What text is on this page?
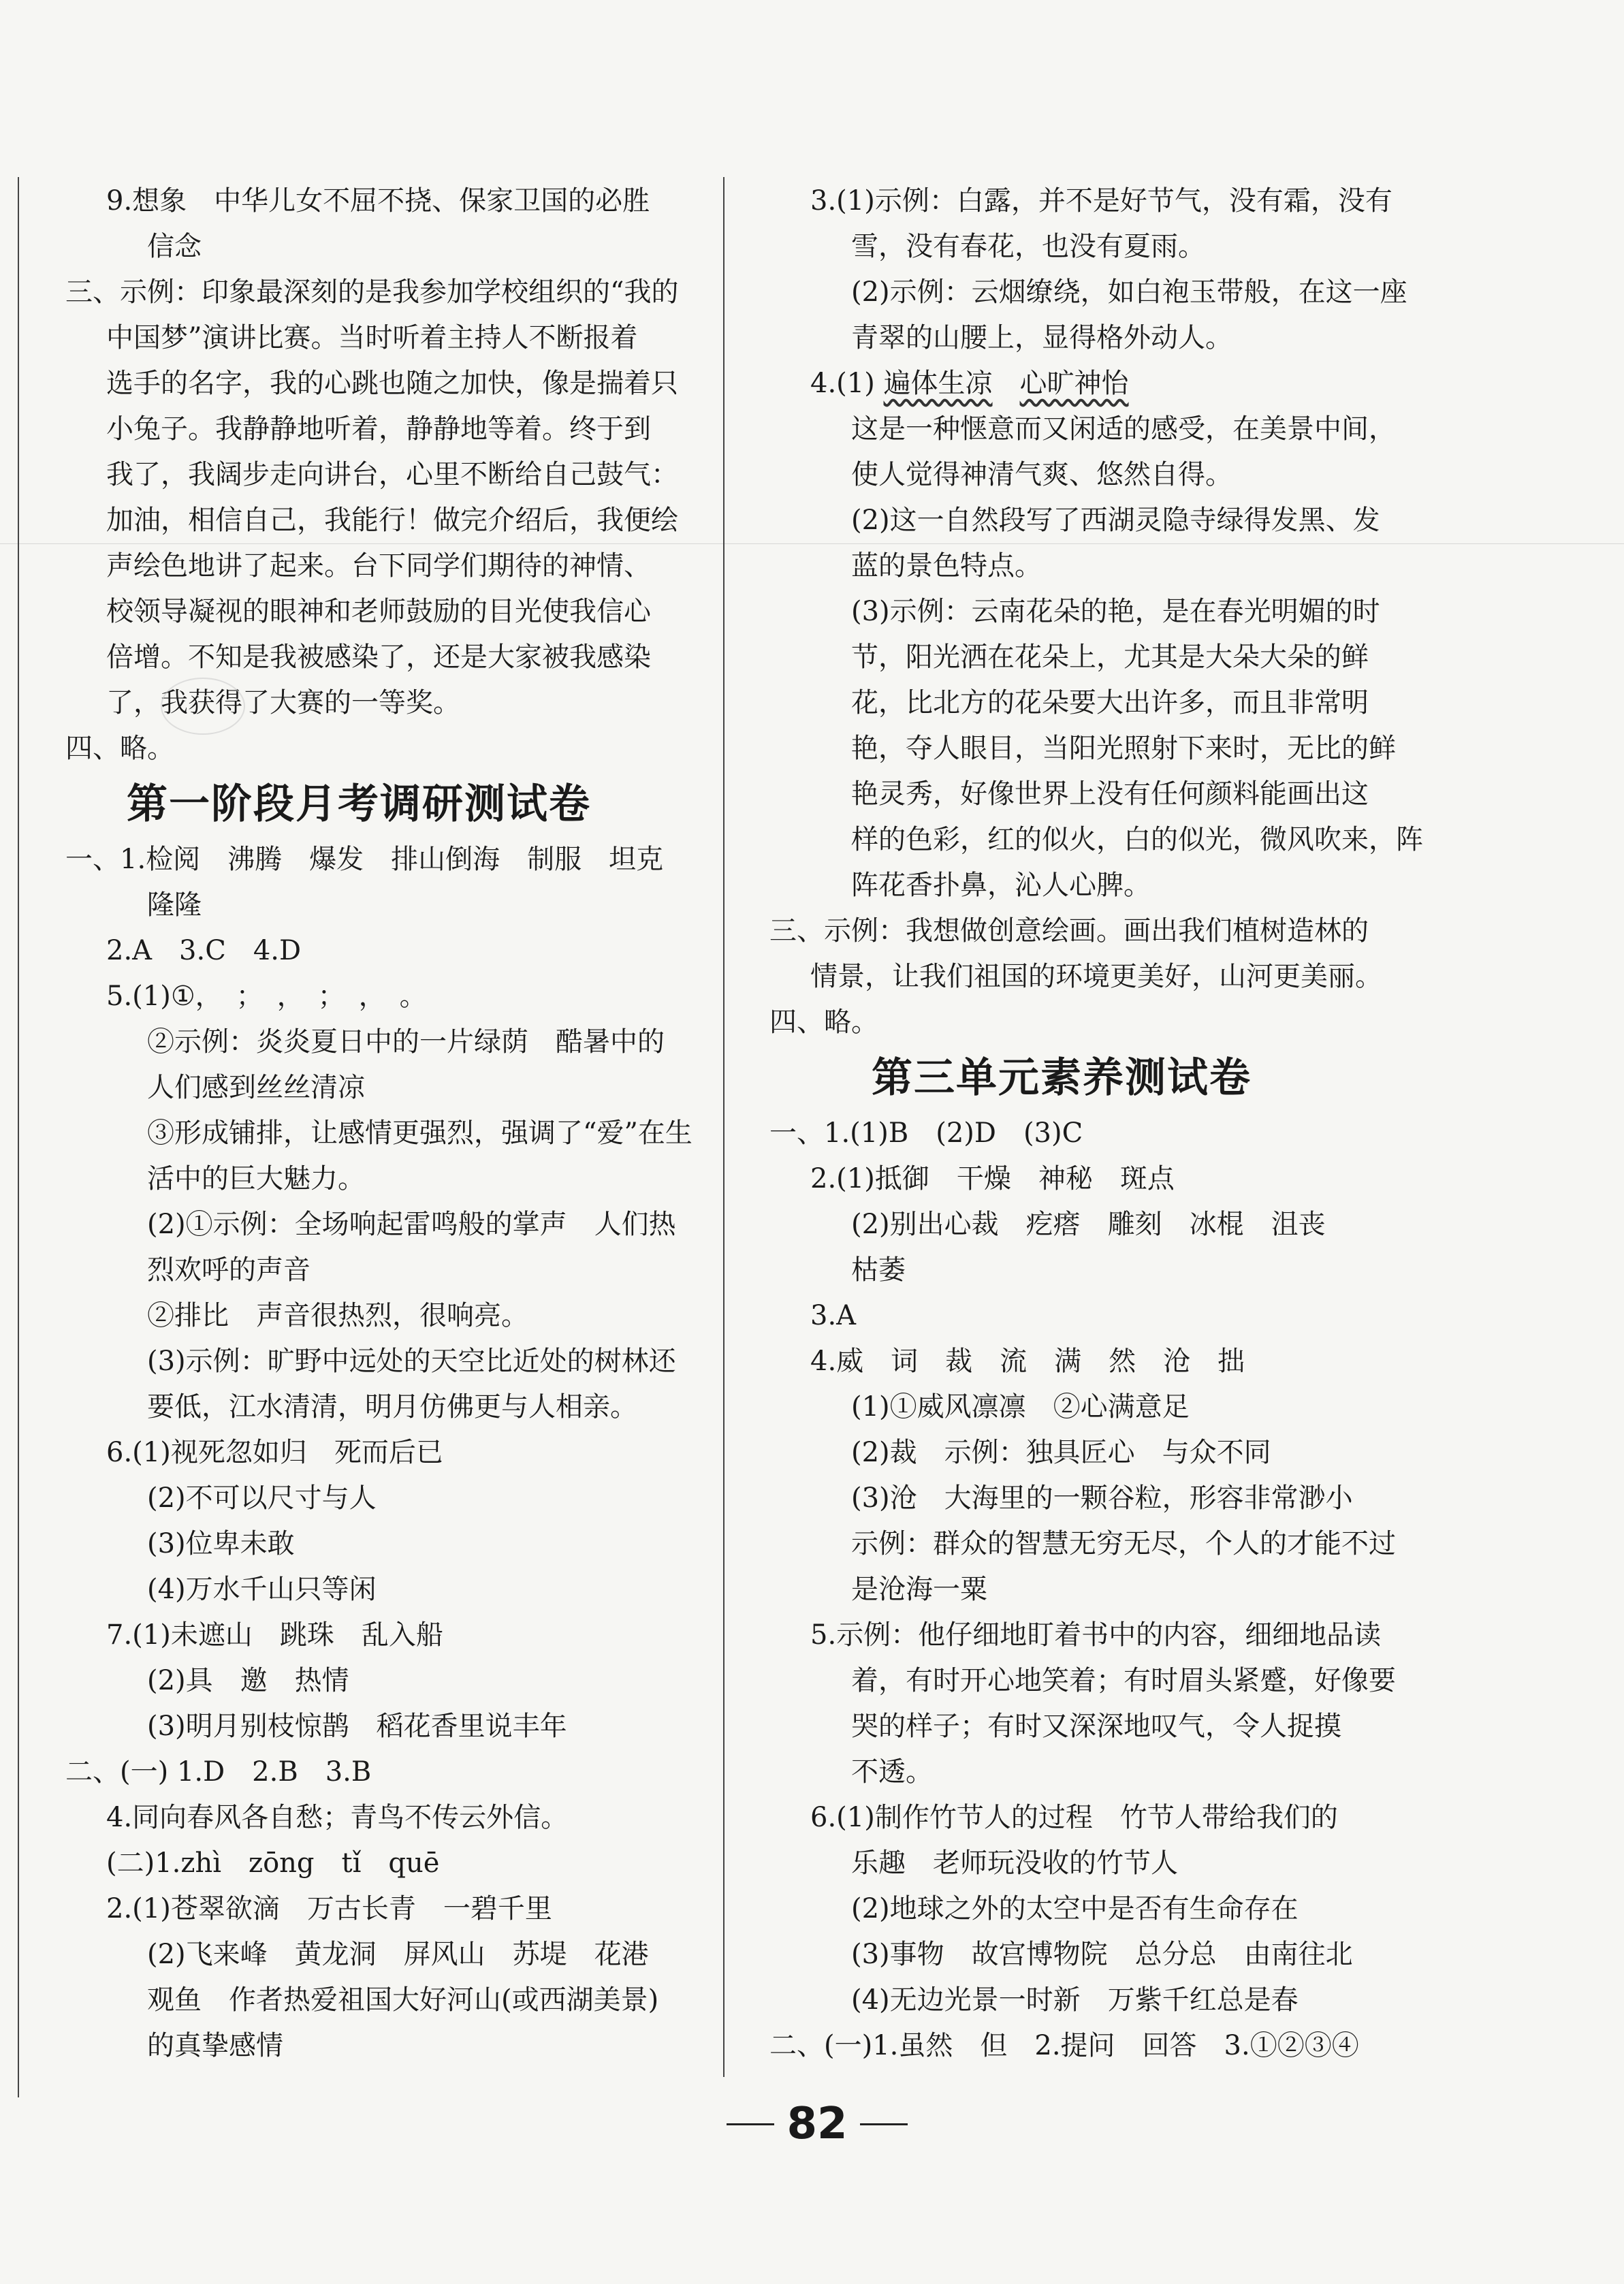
9.想象　中华儿女不屈不挠、保家卫国的必胜
信念
三、示例：印象最深刻的是我参加学校组织的“我的
中国梦”演讲比赛。当时听着主持人不断报着
选手的名字，我的心跳也随之加快，像是揣着只
小兔子。我静静地听着，静静地等着。终于到
我了，我阔步走向讲台，心里不断给自己鼓气：
加油，相信自己，我能行！做完介绍后，我便绘
声绘色地讲了起来。台下同学们期待的神情、
校领导凝视的眼神和老师鼓励的目光使我信心
倍增。不知是我被感染了，还是大家被我感染
了，我获得了大赛的一等奖。
四、略。
第一阶段月考调研测试卷
一、1.检阅　沸腾　爆发　排山倒海　制服　坦克
隆隆
2.A　3.C　4.D
5.(1)①，　；　，　；　，　。
②示例：炎炎夏日中的一片绿荫　酷暑中的
人们感到丝丝清凉
③形成铺排，让感情更强烈，强调了“爱”在生
活中的巨大魅力。
(2)①示例：全场响起雷鸣般的掌声　人们热
烈欢呼的声音
②排比　声音很热烈，很响亮。
(3)示例：旷野中远处的天空比近处的树林还
要低，江水清清，明月仿佛更与人相亲。
6.(1)视死忽如归　死而后已
(2)不可以尺寸与人
(3)位卑未敢
(4)万水千山只等闲
7.(1)未遮山　跳珠　乱入船
(2)具　邀　热情
(3)明月别枝惊鹊　稻花香里说丰年
二、(一) 1.D　2.B　3.B
4.同向春风各自愁；青鸟不传云外信。
(二)1.zhì　zōng　tǐ　quē
2.(1)苍翠欲滴　万古长青　一碧千里
(2)飞来峰　黄龙洞　屏风山　苏堤　花港
观鱼　作者热爱祖国大好河山(或西湖美景)
的真挚感情
3.(1)示例：白露，并不是好节气，没有霜，没有
雪，没有春花，也没有夏雨。
(2)示例：云烟缭绕，如白袍玉带般，在这一座
青翠的山腰上，显得格外动人。
4.(1) 遍体生凉　 心旷神怡
这是一种惬意而又闲适的感受，在美景中间，
使人觉得神清气爽、悠然自得。
(2)这一自然段写了西湖灵隐寺绿得发黑、发
蓝的景色特点。
(3)示例：云南花朵的艳，是在春光明媚的时
节，阳光洒在花朵上，尤其是大朵大朵的鲜
花，比北方的花朵要大出许多，而且非常明
艳，夺人眼目，当阳光照射下来时，无比的鲜
艳灵秀，好像世界上没有任何颜料能画出这
样的色彩，红的似火，白的似光，微风吹来，阵
阵花香扑鼻，沁人心脾。
三、示例：我想做创意绘画。画出我们植树造林的
情景，让我们祖国的环境更美好，山河更美丽。
四、略。
第三单元素养测试卷
一、1.(1)B　(2)D　(3)C
2.(1)抵御　干燥　神秘　斑点
(2)别出心裁　疙瘩　雕刻　冰棍　沮丧
枯萎
3.A
4.威　词　裁　流　满　然　沧　拙
(1)①威风凛凛　②心满意足
(2)裁　示例：独具匠心　与众不同
(3)沧　大海里的一颗谷粒，形容非常渺小
示例：群众的智慧无穷无尽，个人的才能不过
是沧海一粟
5.示例：他仔细地盯着书中的内容，细细地品读
着，有时开心地笑着；有时眉头紧蹙，好像要
哭的样子；有时又深深地叹气，令人捉摸
不透。
6.(1)制作竹节人的过程　竹节人带给我们的
乐趣　老师玩没收的竹节人
(2)地球之外的太空中是否有生命存在
(3)事物　故宫博物院　总分总　由南往北
(4)无边光景一时新　万紫千红总是春
二、(一)1.虽然　但　2.提问　回答　3.①②③④
82
